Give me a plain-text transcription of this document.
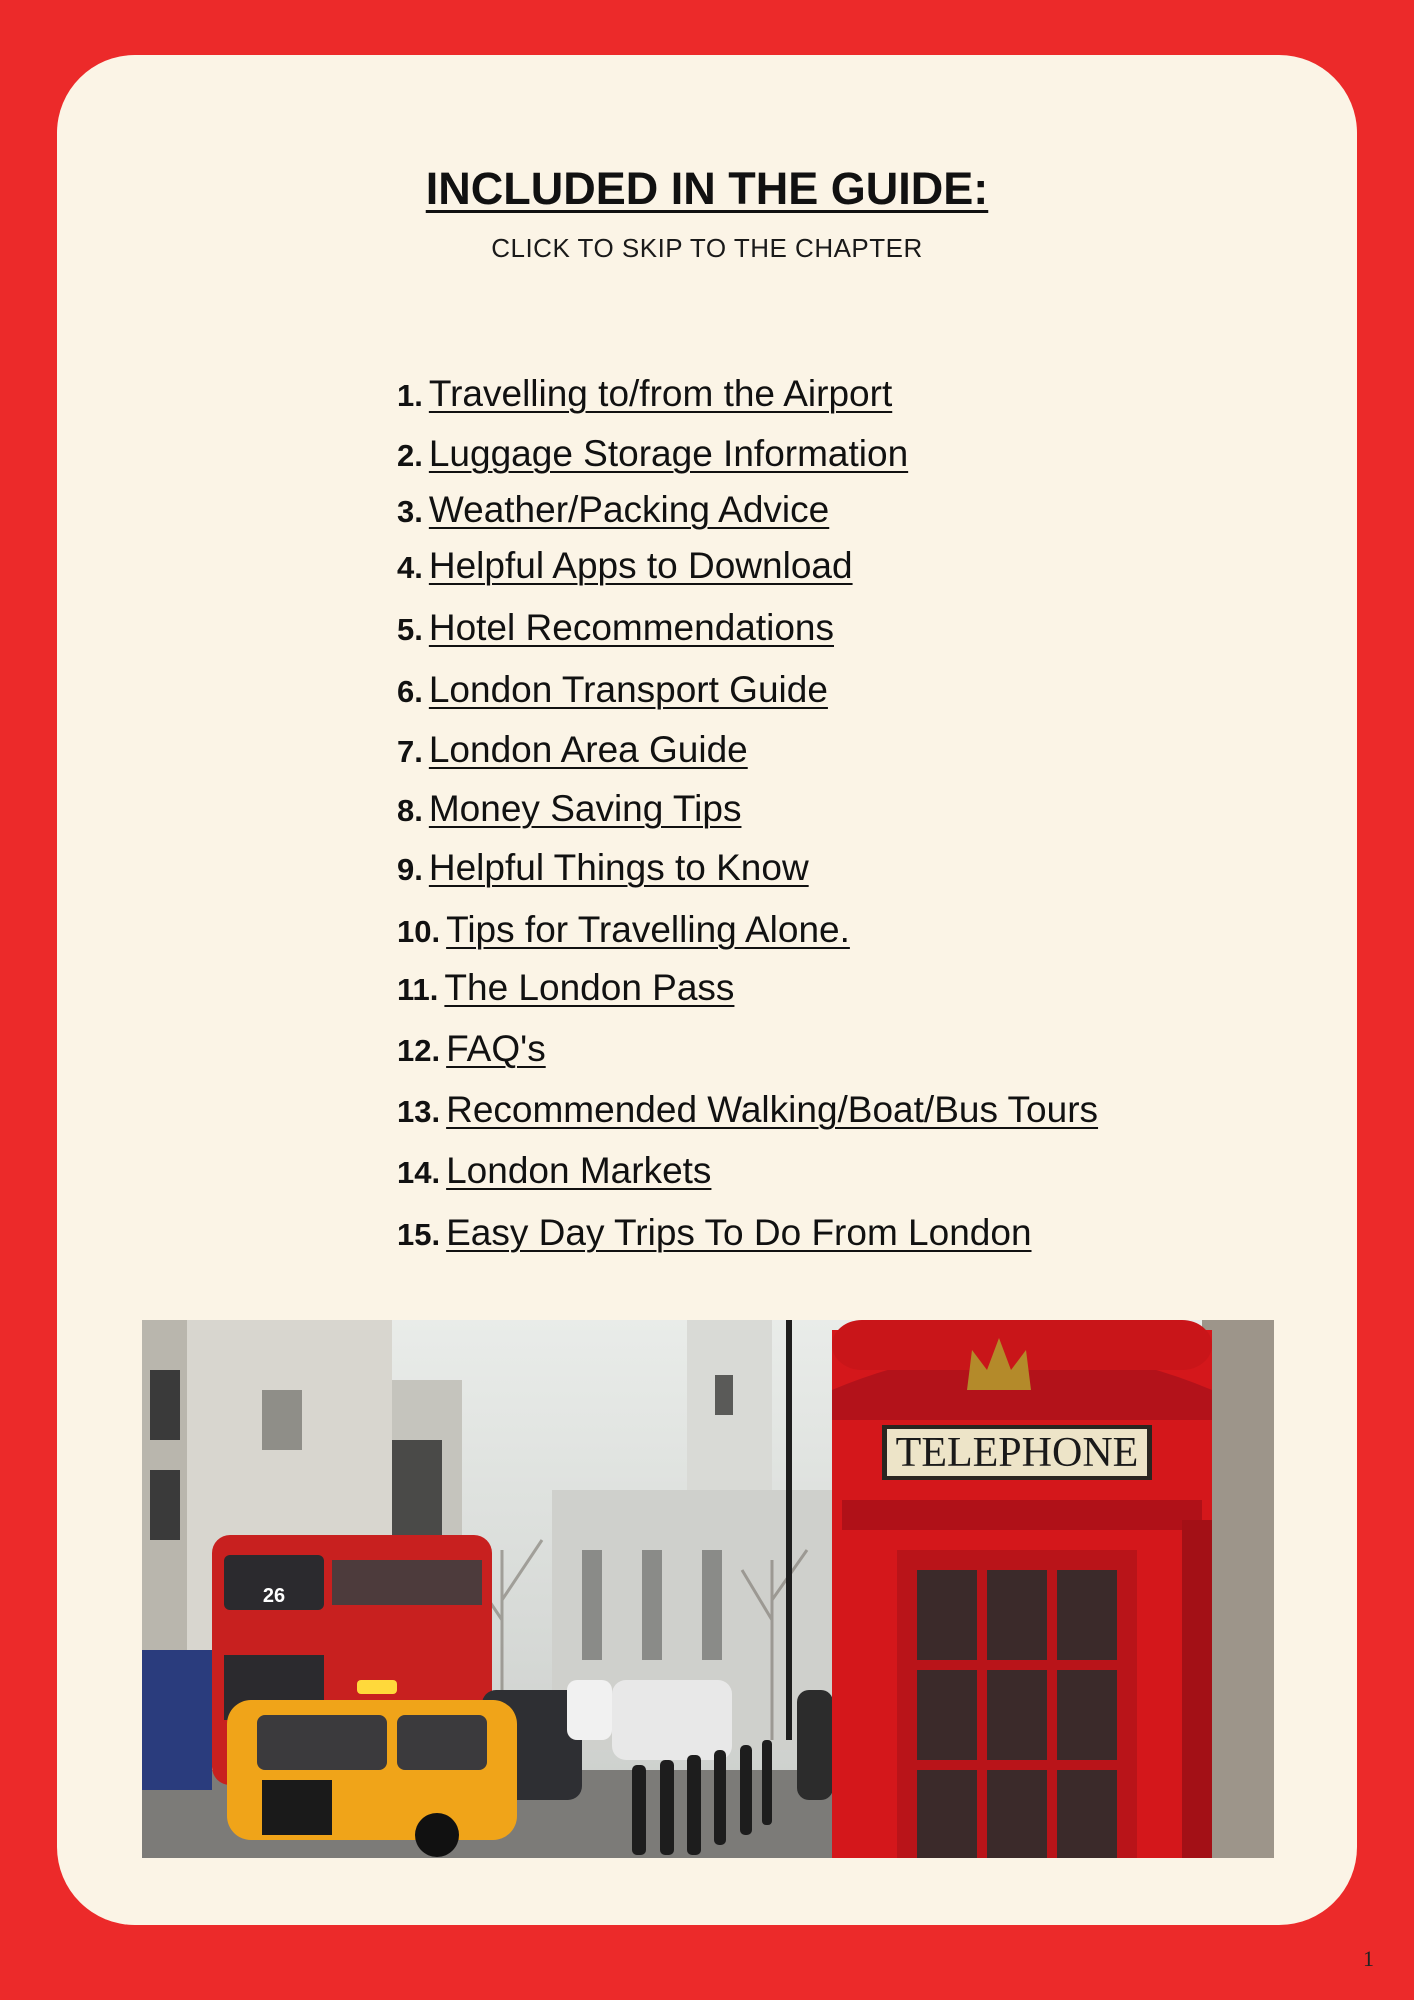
INCLUDED IN THE GUIDE:
CLICK TO SKIP TO THE CHAPTER
1. Travelling to/from the Airport
2. Luggage Storage Information
3. Weather/Packing Advice
4. Helpful Apps to Download
5. Hotel Recommendations
6. London Transport Guide
7. London Area Guide
8. Money Saving Tips
9. Helpful Things to Know
10. Tips for Travelling Alone.
11. The London Pass
12. FAQ's
13. Recommended Walking/Boat/Bus Tours
14. London Markets
15. Easy Day Trips To Do From London
26
TELEPHONE
1
